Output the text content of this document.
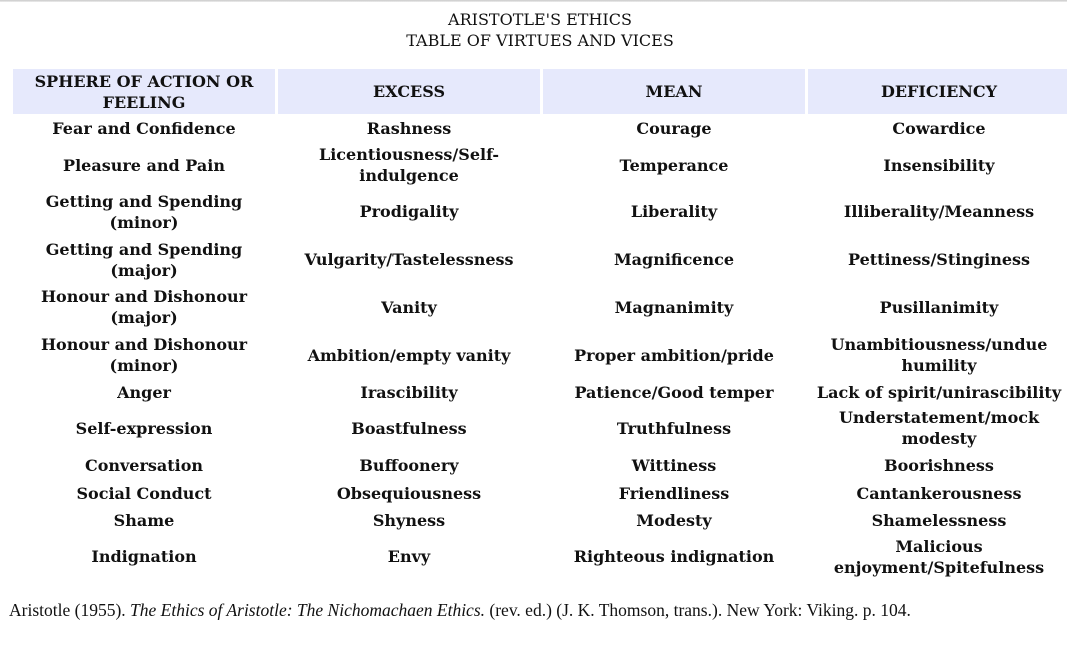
ARISTOTLE'S ETHICS
TABLE OF VIRTUES AND VICES
SPHERE OF ACTION OR FEELING	EXCESS	MEAN	DEFICIENCY
Fear and Confidence	Rashness	Courage	Cowardice
Pleasure and Pain	Licentiousness/Self-indulgence	Temperance	Insensibility
Getting and Spending (minor)	Prodigality	Liberality	Illiberality/Meanness
Getting and Spending (major)	Vulgarity/Tastelessness	Magnificence	Pettiness/Stinginess
Honour and Dishonour (major)	Vanity	Magnanimity	Pusillanimity
Honour and Dishonour (minor)	Ambition/empty vanity	Proper ambition/pride	Unambitiousness/undue humility
Anger	Irascibility	Patience/Good temper	Lack of spirit/unirascibility
Self-expression	Boastfulness	Truthfulness	Understatement/mock modesty
Conversation	Buffoonery	Wittiness	Boorishness
Social Conduct	Obsequiousness	Friendliness	Cantankerousness
Shame	Shyness	Modesty	Shamelessness
Indignation	Envy	Righteous indignation	Malicious enjoyment/Spitefulness
Aristotle (1955). The Ethics of Aristotle: The Nichomachaen Ethics. (rev. ed.) (J. K. Thomson, trans.). New York: Viking. p. 104.
